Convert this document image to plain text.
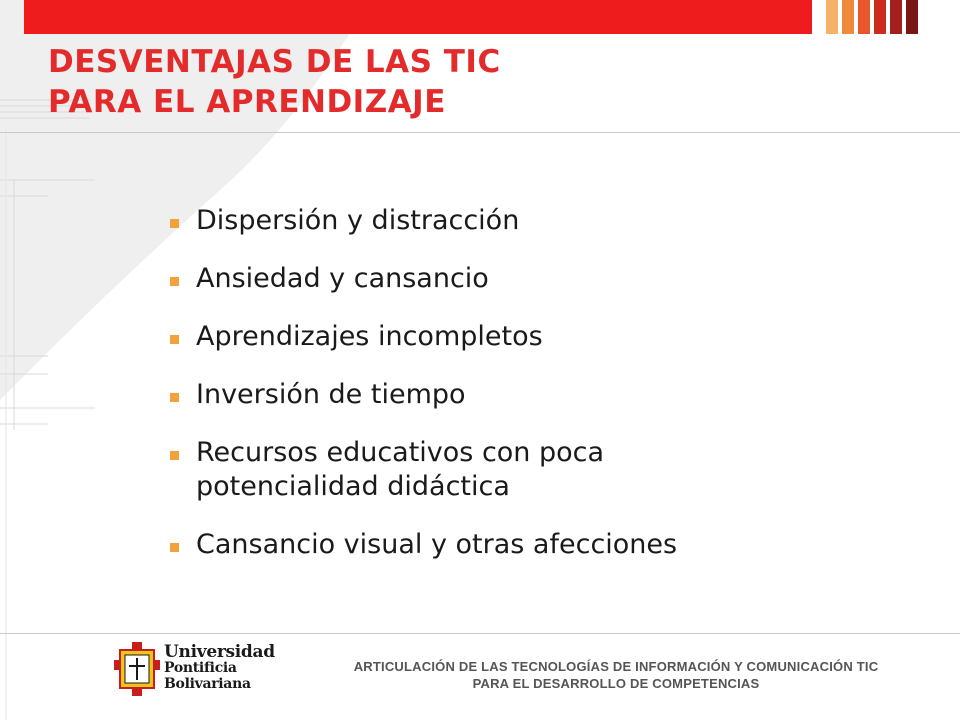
DESVENTAJAS DE LAS TIC
PARA EL APRENDIZAJE
Dispersión y distracción
Ansiedad y cansancio
Aprendizajes incompletos
Inversión de tiempo
Recursos educativos con poca potencialidad didáctica
Cansancio visual y otras afecciones
Universidad
Pontificia
Bolivariana
ARTICULACIÓN DE LAS TECNOLOGÍAS DE INFORMACIÓN Y COMUNICACIÓN TIC
PARA EL DESARROLLO DE COMPETENCIAS
